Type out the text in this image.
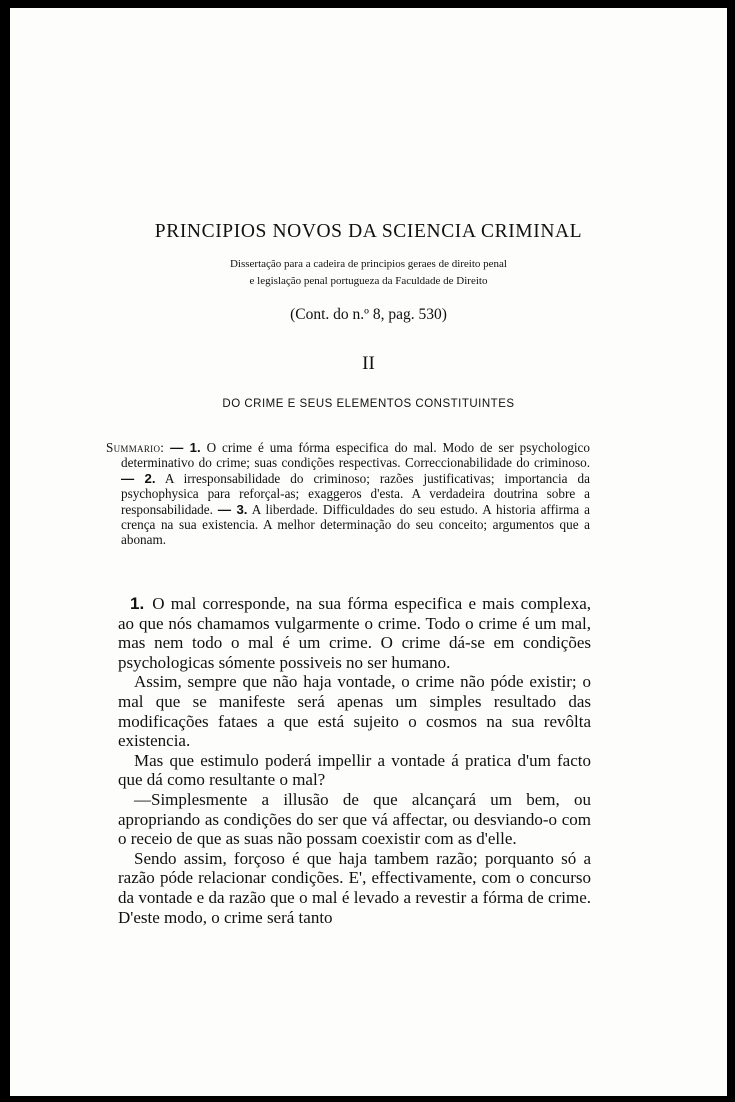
PRINCIPIOS NOVOS DA SCIENCIA CRIMINAL
Dissertação para a cadeira de principios geraes de direito penal
e legislação penal portugueza da Faculdade de Direito
(Cont. do n.º 8, pag. 530)
II
DO CRIME E SEUS ELEMENTOS CONSTITUINTES

Summario: — 1. O crime é uma fórma especifica do mal. Modo de ser psychologico determinativo do crime; suas condições respectivas. Correccionabilidade do criminoso. — 2. A irresponsabilidade do criminoso; razões justificativas; importancia da psychophysica para reforçal-as; exaggeros d'esta. A verdadeira doutrina sobre a responsabilidade. — 3. A liberdade. Difficuldades do seu estudo. A historia affirma a crença na sua existencia. A melhor determinação do seu conceito; argumentos que a abonam.

1. O mal corresponde, na sua fórma especifica e mais complexa, ao que nós chamamos vulgarmente o crime. Todo o crime é um mal, mas nem todo o mal é um crime. O crime dá-se em condições psychologicas sómente possiveis no ser humano.

Assim, sempre que não haja vontade, o crime não póde existir; o mal que se manifeste será apenas um simples resultado das modificações fataes a que está sujeito o cosmos na sua revôlta existencia.

Mas que estimulo poderá impellir a vontade á pratica d'um facto que dá como resultante o mal?

—Simplesmente a illusão de que alcançará um bem, ou apropriando as condições do ser que vá affectar, ou desviando-o com o receio de que as suas não possam coexistir com as d'elle.

Sendo assim, forçoso é que haja tambem razão; porquanto só a razão póde relacionar condições. E', effectivamente, com o concurso da vontade e da razão que o mal é levado a revestir a fórma de crime. D'este modo, o crime será tanto
